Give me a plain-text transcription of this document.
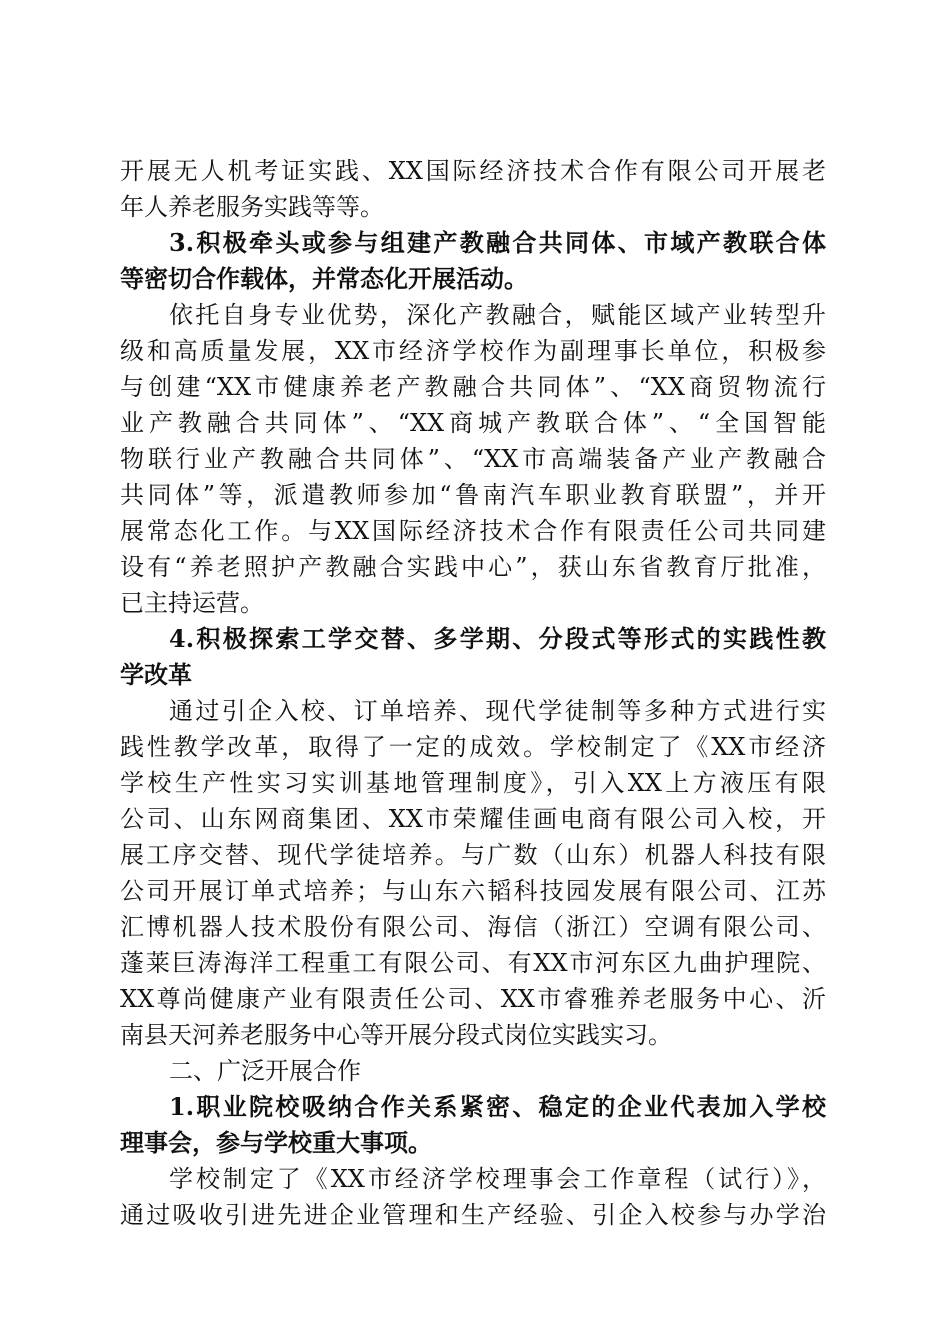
开展无人机考证实践、XX国际经济技术合作有限公司开展老
年人养老服务实践等等。
3.积极牵头或参与组建产教融合共同体、市域产教联合体
等密切合作载体，并常态化开展活动。
依托自身专业优势，深化产教融合，赋能区域产业转型升
级和高质量发展，XX市经济学校作为副理事长单位，积极参
与创建“XX市健康养老产教融合共同体”、“XX商贸物流行
业产教融合共同体”、“XX商城产教联合体”、“全国智能
物联行业产教融合共同体”、“XX市高端装备产业产教融合
共同体”等，派遣教师参加“鲁南汽车职业教育联盟”，并开
展常态化工作。与XX国际经济技术合作有限责任公司共同建
设有“养老照护产教融合实践中心”，获山东省教育厅批准，
已主持运营。
4.积极探索工学交替、多学期、分段式等形式的实践性教
学改革
通过引企入校、订单培养、现代学徒制等多种方式进行实
践性教学改革，取得了一定的成效。学校制定了《XX市经济
学校生产性实习实训基地管理制度》，引入XX上方液压有限
公司、山东网商集团、XX市荣耀佳画电商有限公司入校，开
展工序交替、现代学徒培养。与广数（山东）机器人科技有限
公司开展订单式培养；与山东六韬科技园发展有限公司、江苏
汇博机器人技术股份有限公司、海信（浙江）空调有限公司、
蓬莱巨涛海洋工程重工有限公司、有XX市河东区九曲护理院、
XX尊尚健康产业有限责任公司、XX市睿雅养老服务中心、沂
南县天河养老服务中心等开展分段式岗位实践实习。
二、广泛开展合作
1.职业院校吸纳合作关系紧密、稳定的企业代表加入学校
理事会，参与学校重大事项。
学校制定了《XX市经济学校理事会工作章程（试行）》，
通过吸收引进先进企业管理和生产经验、引企入校参与办学治
